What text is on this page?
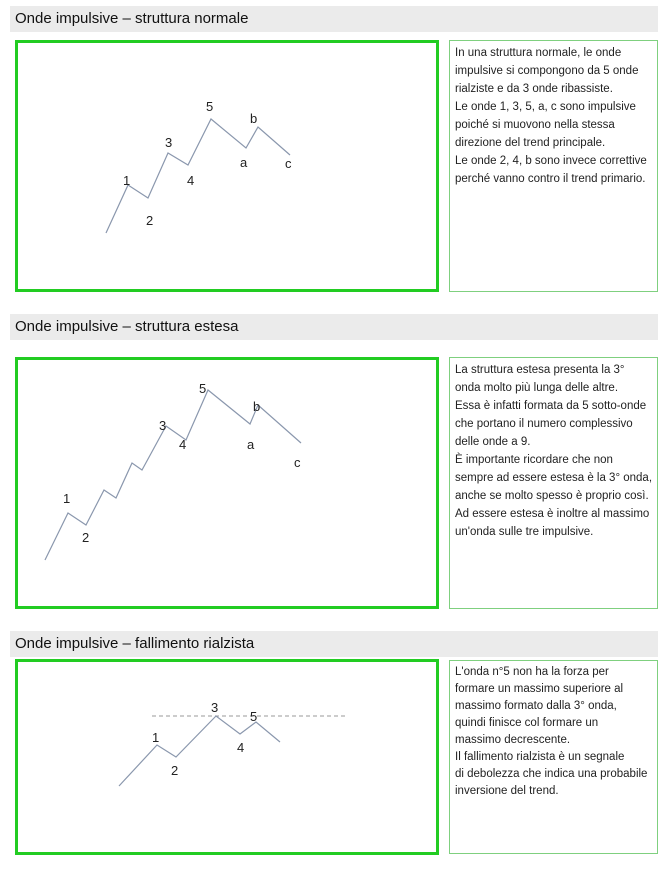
Onde impulsive – struttura normale
1
2
3
4
5
a
b
c
In una struttura normale, le onde
impulsive si compongono da 5 onde
rialziste e da 3 onde ribassiste.
Le onde 1, 3, 5, a, c sono impulsive
poiché si muovono nella stessa
direzione del trend principale.
Le onde 2, 4, b sono invece correttive
perché vanno contro il trend primario.
Onde impulsive – struttura estesa
1
2
3
4
5
a
b
c
La struttura estesa presenta la 3°
onda molto più lunga delle altre.
Essa è infatti formata da 5 sotto-onde
che portano il numero complessivo
delle onde a 9.
È importante ricordare che non
sempre ad essere estesa è la 3° onda,
anche se molto spesso è proprio così.
Ad essere estesa è inoltre al massimo
un'onda sulle tre impulsive.
Onde impulsive – fallimento rialzista
1
2
3
4
5
L'onda n°5 non ha la forza per
formare un massimo superiore al
massimo formato dalla 3° onda,
quindi finisce col formare un
massimo decrescente.
Il fallimento rialzista è un segnale
di debolezza che indica una probabile
inversione del trend.
